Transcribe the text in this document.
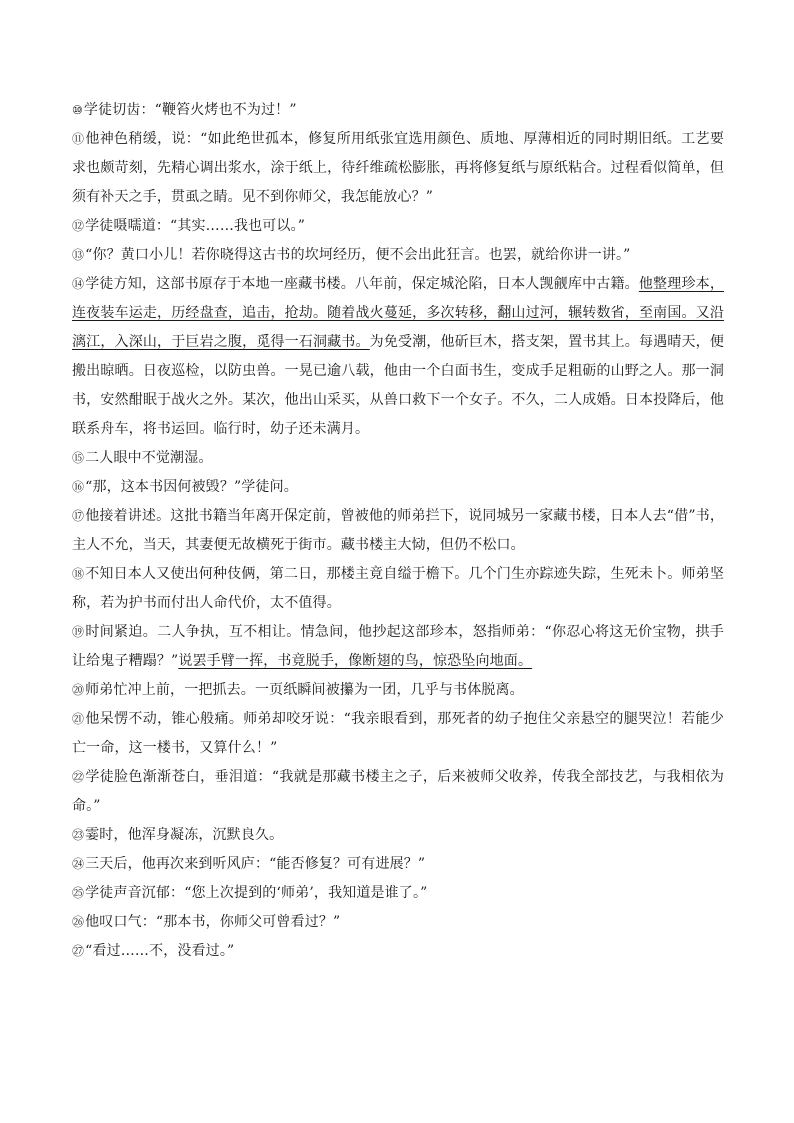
⑩学徒切齿：“鞭笞火烤也不为过！”

⑪他神色稍缓，说：“如此绝世孤本，修复所用纸张宜选用颜色、质地、厚薄相近的同时期旧纸。工艺要求也颇苛刻，先精心调出浆水，涂于纸上，待纤维疏松膨胀，再将修复纸与原纸粘合。过程看似简单，但须有补天之手，贯虱之睛。见不到你师父，我怎能放心？”

⑫学徒嗫嚅道：“其实……我也可以。”

⑬“你？黄口小儿！若你晓得这古书的坎坷经历，便不会出此狂言。也罢，就给你讲一讲。”

⑭学徒方知，这部书原存于本地一座藏书楼。八年前，保定城沦陷，日本人觊觎库中古籍。他整理珍本，连夜装车运走，历经盘查，追击，抢劫。随着战火蔓延，多次转移，翻山过河，辗转数省，至南国。又沿漓江，入深山，于巨岩之腹，觅得一石洞藏书。为免受潮，他斫巨木，搭支架，置书其上。每遇晴天，便搬出晾晒。日夜巡检，以防虫兽。一晃已逾八载，他由一个白面书生，变成手足粗砺的山野之人。那一洞书，安然酣眠于战火之外。某次，他出山采买，从兽口救下一个女子。不久，二人成婚。日本投降后，他联系舟车，将书运回。临行时，幼子还未满月。

⑮二人眼中不觉潮湿。

⑯“那，这本书因何被毁？”学徒问。

⑰他接着讲述。这批书籍当年离开保定前，曾被他的师弟拦下，说同城另一家藏书楼，日本人去“借”书，主人不允，当天，其妻便无故横死于街市。藏书楼主大恸，但仍不松口。

⑱不知日本人又使出何种伎俩，第二日，那楼主竟自缢于檐下。几个门生亦踪迹失踪，生死未卜。师弟坚称，若为护书而付出人命代价，太不值得。

⑲时间紧迫。二人争执，互不相让。情急间，他抄起这部珍本，怒指师弟：“你忍心将这无价宝物，拱手让给鬼子糟蹋？”说罢手臂一挥，书竟脱手，像断翅的鸟，惊恐坠向地面。

⑳师弟忙冲上前，一把抓去。一页纸瞬间被攥为一团，几乎与书体脱离。

㉑他呆愣不动，锥心般痛。师弟却咬牙说：“我亲眼看到，那死者的幼子抱住父亲悬空的腿哭泣！若能少亡一命，这一楼书，又算什么！”

㉒学徒脸色渐渐苍白，垂泪道：“我就是那藏书楼主之子，后来被师父收养，传我全部技艺，与我相依为命。”

㉓霎时，他浑身凝冻，沉默良久。

㉔三天后，他再次来到听风庐：“能否修复？可有进展？”

㉕学徒声音沉郁：“您上次提到的‘师弟’，我知道是谁了。”

㉖他叹口气：“那本书，你师父可曾看过？”

㉗“看过……不，没看过。”
